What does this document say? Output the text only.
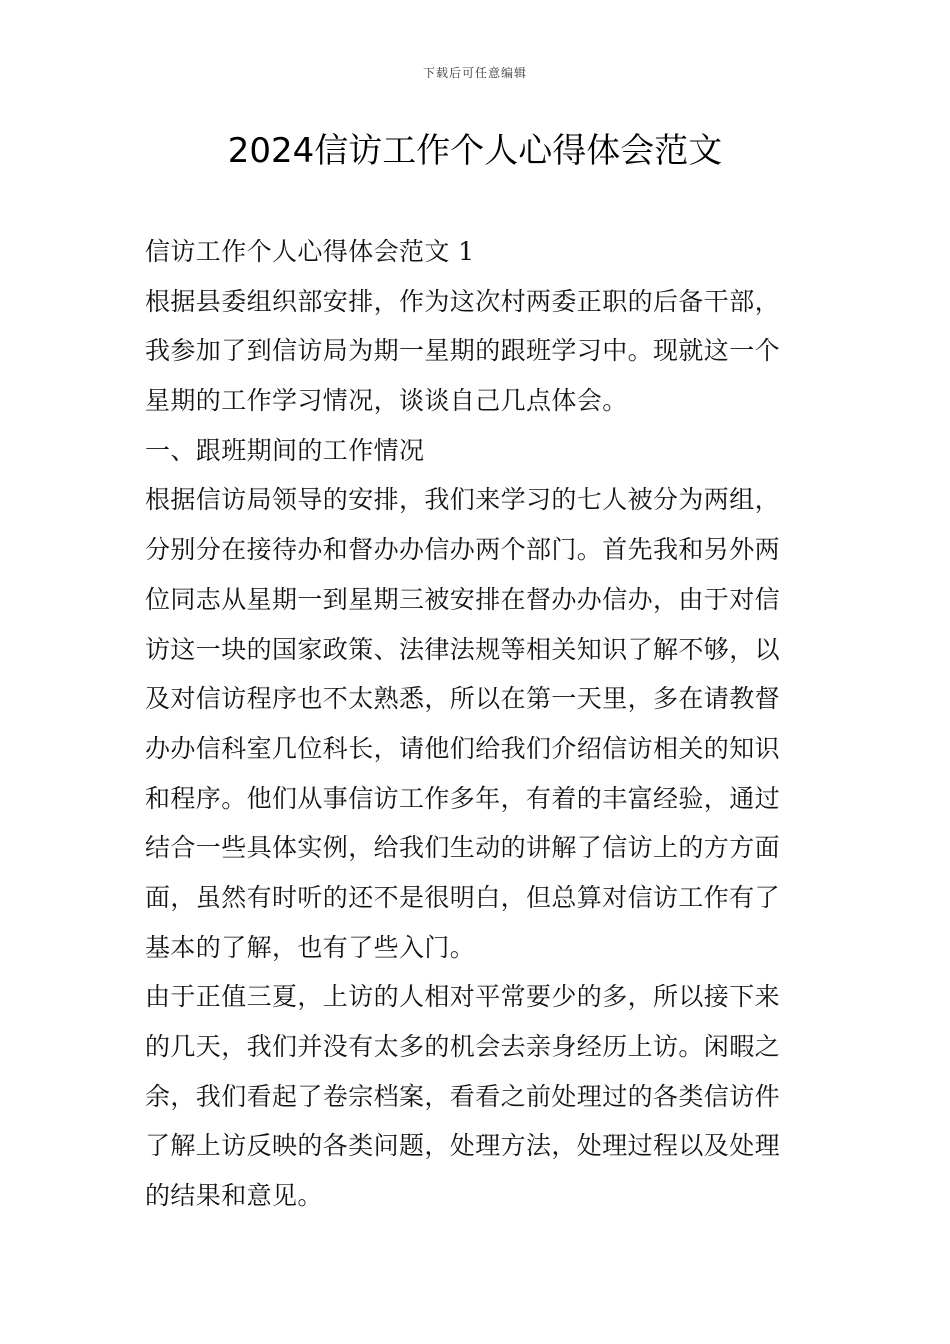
下载后可任意编辑
2024信访工作个人心得体会范文
信访工作个人心得体会范文 1
根据县委组织部安排，作为这次村两委正职的后备干部，
我参加了到信访局为期一星期的跟班学习中。现就这一个
星期的工作学习情况，谈谈自己几点体会。
一、跟班期间的工作情况
根据信访局领导的安排，我们来学习的七人被分为两组，
分别分在接待办和督办办信办两个部门。首先我和另外两
位同志从星期一到星期三被安排在督办办信办，由于对信
访这一块的国家政策、法律法规等相关知识了解不够，以
及对信访程序也不太熟悉，所以在第一天里，多在请教督
办办信科室几位科长，请他们给我们介绍信访相关的知识
和程序。他们从事信访工作多年，有着的丰富经验，通过
结合一些具体实例，给我们生动的讲解了信访上的方方面
面，虽然有时听的还不是很明白，但总算对信访工作有了
基本的了解，也有了些入门。
由于正值三夏，上访的人相对平常要少的多，所以接下来
的几天，我们并没有太多的机会去亲身经历上访。闲暇之
余，我们看起了卷宗档案，看看之前处理过的各类信访件
了解上访反映的各类问题，处理方法，处理过程以及处理
的结果和意见。
